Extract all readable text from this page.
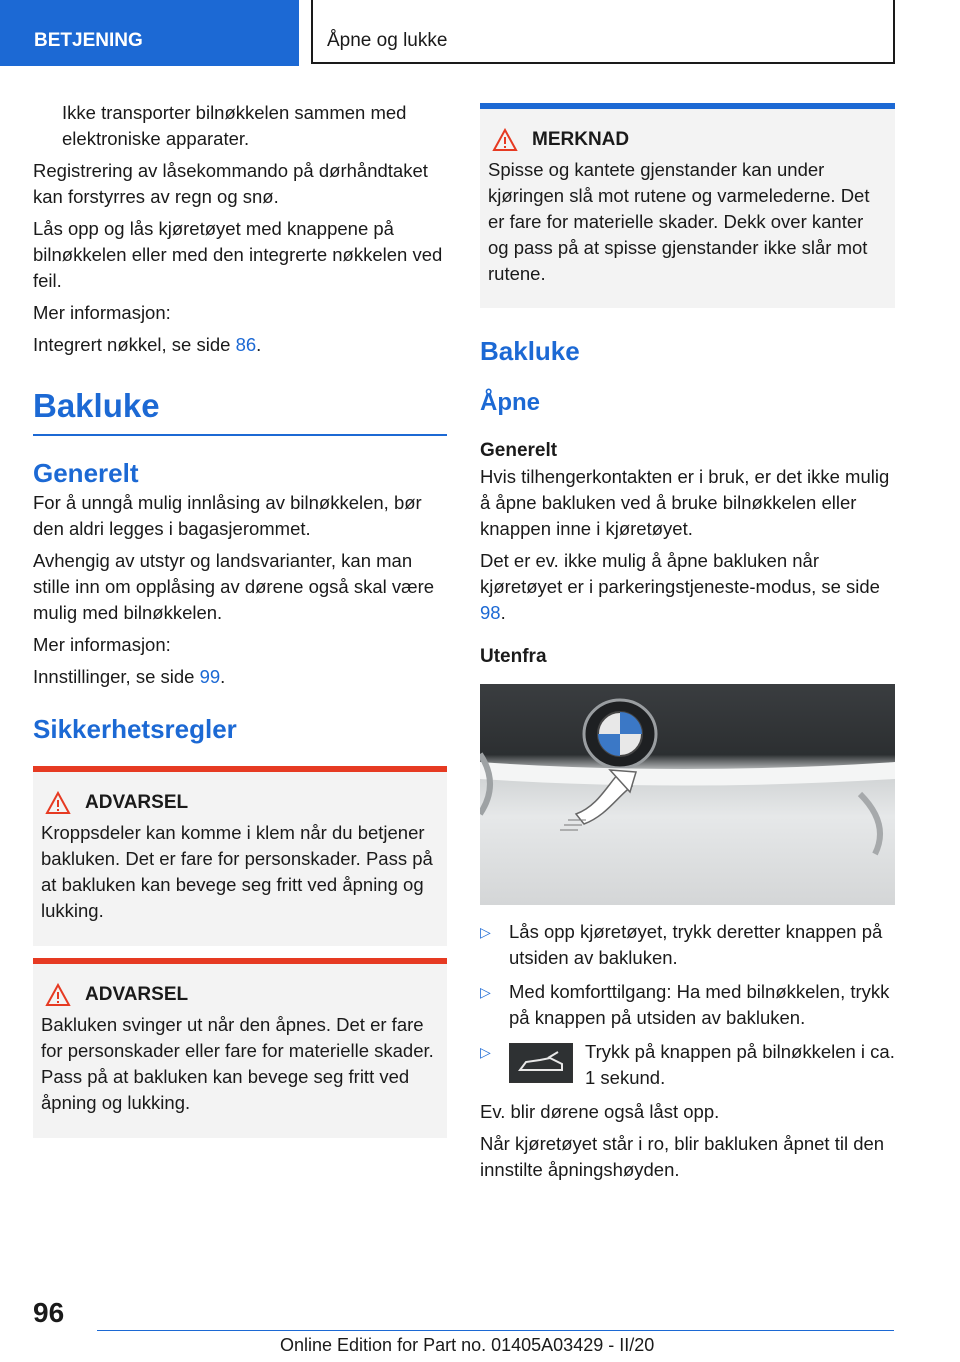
BETJENING	Åpne og lukke

Ikke transporter bilnøkkelen sammen med elektroniske apparater.

Registrering av låsekommando på dørhåndtaket kan forstyrres av regn og snø.

Lås opp og lås kjøretøyet med knappene på bilnøkkelen eller med den integrerte nøkkelen ved feil.

Mer informasjon:

Integrert nøkkel, se side 86.

Bakluke
Generelt

For å unngå mulig innlåsing av bilnøkkelen, bør den aldri legges i bagasjerommet.

Avhengig av utstyr og landsvarianter, kan man stille inn om opplåsing av dørene også skal være mulig med bilnøkkelen.

Mer informasjon:

Innstillinger, se side 99.

Sikkerhetsregler
ADVARSEL
Kroppsdeler kan komme i klem når du betjener bakluken. Det er fare for personskader. Pass på at bakluken kan bevege seg fritt ved åpning og lukking.
ADVARSEL
Bakluken svinger ut når den åpnes. Det er fare for personskader eller fare for materielle skader. Pass på at bakluken kan bevege seg fritt ved åpning og lukking.
MERKNAD
Spisse og kantete gjenstander kan under kjøringen slå mot rutene og varmelederne. Det er fare for materielle skader. Dekk over kanter og pass på at spisse gjenstander ikke slår mot rutene.
Bakluke
Åpne
Generelt

Hvis tilhengerkontakten er i bruk, er det ikke mulig å åpne bakluken ved å bruke bilnøkkelen eller knappen inne i kjøretøyet.

Det er ev. ikke mulig å åpne bakluken når kjøretøyet er i parkeringstjeneste-modus, se side 98.

Utenfra
▷ Lås opp kjøretøyet, trykk deretter knappen på utsiden av bakluken.
▷ Med komforttilgang: Ha med bilnøkkelen, trykk på knappen på utsiden av bakluken.
▷	Trykk på knappen på bilnøkkelen i ca. 1 sekund.

Ev. blir dørene også låst opp.

Når kjøretøyet står i ro, blir bakluken åpnet til den innstilte åpningshøyden.

96
Online Edition for Part no. 01405A03429 - II/20
